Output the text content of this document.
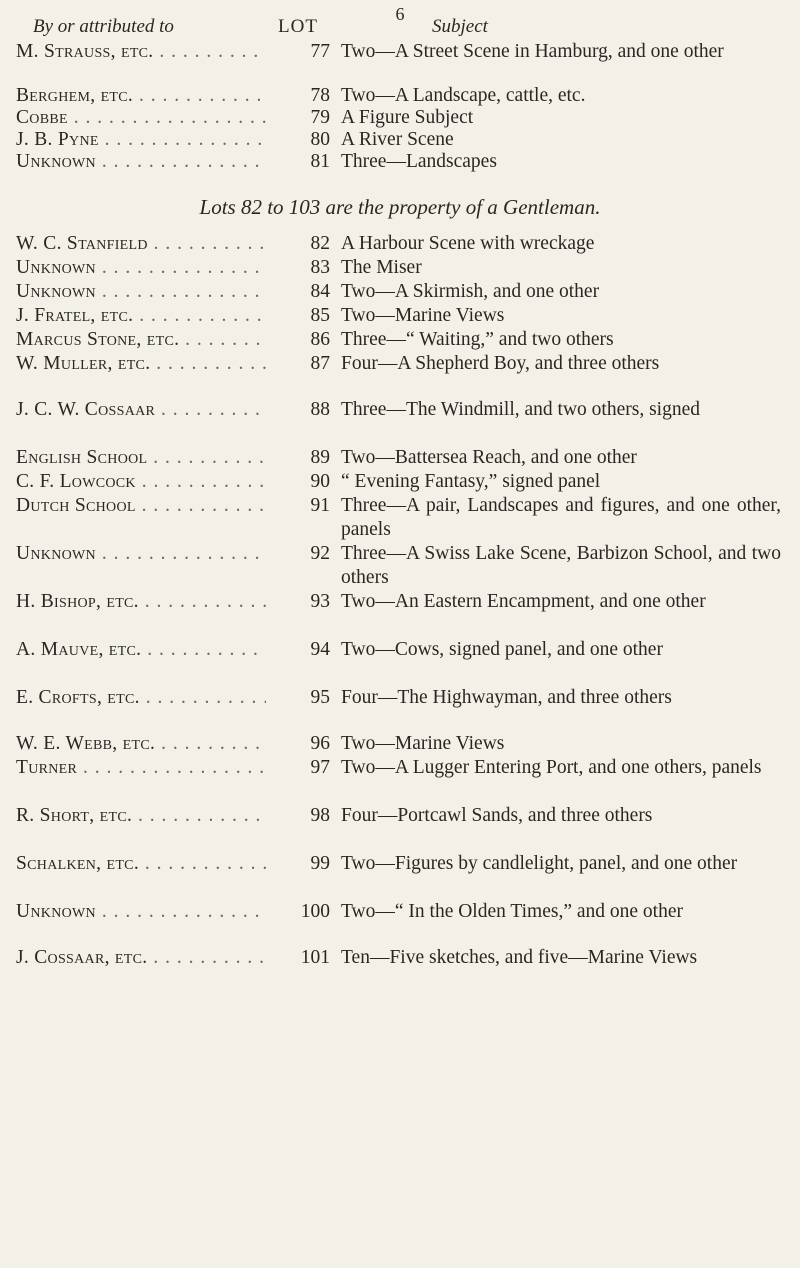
6
By or attributed to	LOT	Subject
M. Strauss, etc. . . .	77 Two—A Street Scene in Hamburg, and one other
Berghem, etc. . . .	78 Two—A Landscape, cattle, etc.
Cobbe . . .	79 A Figure Subject
J. B. Pyne . . .	80 A River Scene
Unknown . . .	81 Three—Landscapes
Lots 82 to 103 are the property of a Gentleman.
W. C. Stanfield . . .	82 A Harbour Scene with wreckage
Unknown . . .	83 The Miser
Unknown . . .	84 Two—A Skirmish, and one other
J. Fratel, etc. . . .	85 Two—Marine Views
Marcus Stone, etc. . . .	86 Three—“ Waiting,” and two others
W. Muller, etc. . . .	87 Four—A Shepherd Boy, and three others
J. C. W. Cossaar . . .	88 Three—The Windmill, and two others, signed
English School . . .	89 Two—Battersea Reach, and one other
C. F. Lowcock . . .	90 “ Evening Fantasy,” signed panel
Dutch School . . .	91 Three—A pair, Landscapes and figures, and one other, panels
Unknown . . .	92 Three—A Swiss Lake Scene, Barbizon School, and two others
H. Bishop, etc. . . .	93 Two—An Eastern Encampment, and one other
A. Mauve, etc. . . .	94 Two—Cows, signed panel, and one other
E. Crofts, etc. . . .	95 Four—The Highwayman, and three others
W. E. Webb, etc. . . .	96 Two—Marine Views
Turner . . .	97 Two—A Lugger Entering Port, and one others, panels
R. Short, etc. . . .	98 Four—Portcawl Sands, and three others
Schalken, etc. . . .	99 Two—Figures by candlelight, panel, and one other
Unknown . . .	100 Two—“ In the Olden Times,” and one other
J. Cossaar, etc. . . .	101 Ten—Five sketches, and five—Marine Views
